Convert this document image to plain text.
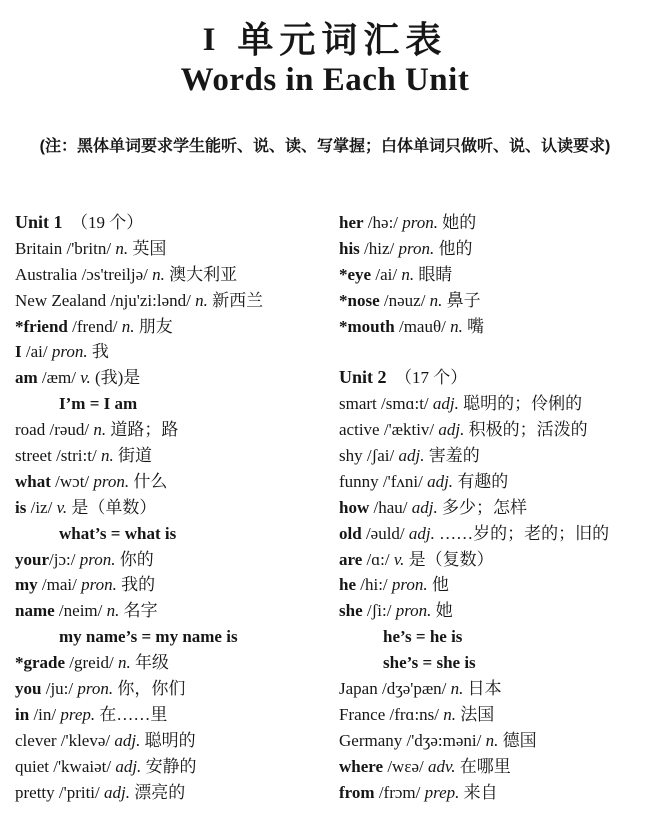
I 单元词汇表
Words in Each Unit
(注：黑体单词要求学生能听、说、读、写掌握；白体单词只做听、说、认读要求)
Unit 1 （19 个）
Britain /'britn/ n. 英国
Australia /ɔs'treiljə/ n. 澳大利亚
New Zealand /nju'zi:lənd/ n. 新西兰
*friend /frend/ n. 朋友
I /ai/ pron. 我
am /æm/ v. (我)是
I’m = I am
road /rəud/ n. 道路；路
street /stri:t/ n. 街道
what /wɔt/ pron. 什么
is /iz/ v. 是（单数）
what’s = what is
your/jɔ:/ pron. 你的
my /mai/ pron. 我的
name /neim/ n. 名字
my name’s = my name is
*grade /greid/ n. 年级
you /ju:/ pron. 你，你们
in /in/ prep. 在……里
clever /'klevə/ adj. 聪明的
quiet /'kwaiət/ adj. 安静的
pretty /'priti/ adj. 漂亮的
her /hə:/ pron. 她的
his /hiz/ pron. 他的
*eye /ai/ n. 眼睛
*nose /nəuz/ n. 鼻子
*mouth /mauθ/ n. 嘴
Unit 2 （17 个）
smart /smɑ:t/ adj. 聪明的；伶俐的
active /'æktiv/ adj. 积极的；活泼的
shy /ʃai/ adj. 害羞的
funny /'fʌni/ adj. 有趣的
how /hau/ adj. 多少；怎样
old /əuld/ adj. ……岁的；老的；旧的
are /ɑ:/ v. 是（复数）
he /hi:/ pron. 他
she /ʃi:/ pron. 她
he’s = he is
she’s = she is
Japan /dʒə'pæn/ n. 日本
France /frɑ:ns/ n. 法国
Germany /'dʒə:məni/ n. 德国
where /wɛə/ adv. 在哪里
from /frɔm/ prep. 来自
